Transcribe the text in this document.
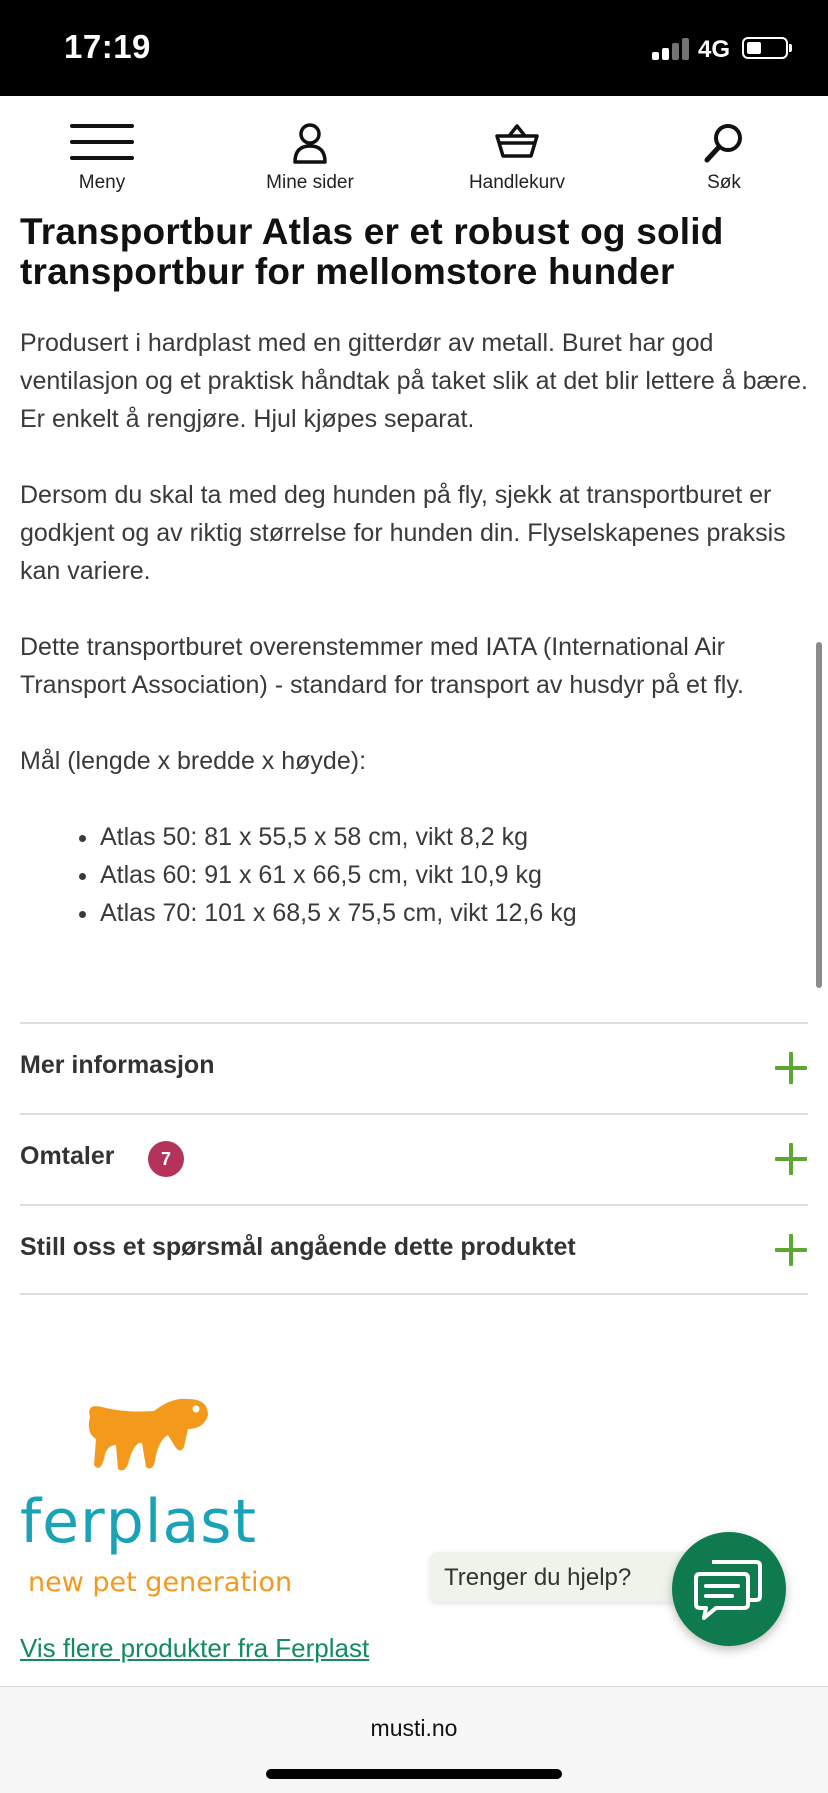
17:19	4G
Meny	Mine sider	Handlekurv	Søk
Transportbur Atlas er et robust og solid transportbur for mellomstore hunder

Produsert i hardplast med en gitterdør av metall. Buret har god ventilasjon og et praktisk håndtak på taket slik at det blir lettere å bære. Er enkelt å rengjøre. Hjul kjøpes separat.

Dersom du skal ta med deg hunden på fly, sjekk at transportburet er godkjent og av riktig størrelse for hunden din. Flyselskapenes praksis kan variere.

Dette transportburet overenstemmer med IATA (International Air Transport Association) - standard for transport av husdyr på et fly.

Mål (lengde x bredde x høyde):

• Atlas 50: 81 x 55,5 x 58 cm, vikt 8,2 kg
• Atlas 60: 91 x 61 x 66,5 cm, vikt 10,9 kg
• Atlas 70: 101 x 68,5 x 75,5 cm, vikt 12,6 kg
Mer informasjon
Omtaler	7
Still oss et spørsmål angående dette produktet
ferplast
new pet generation
Vis flere produkter fra Ferplast
Trenger du hjelp?
musti.no
